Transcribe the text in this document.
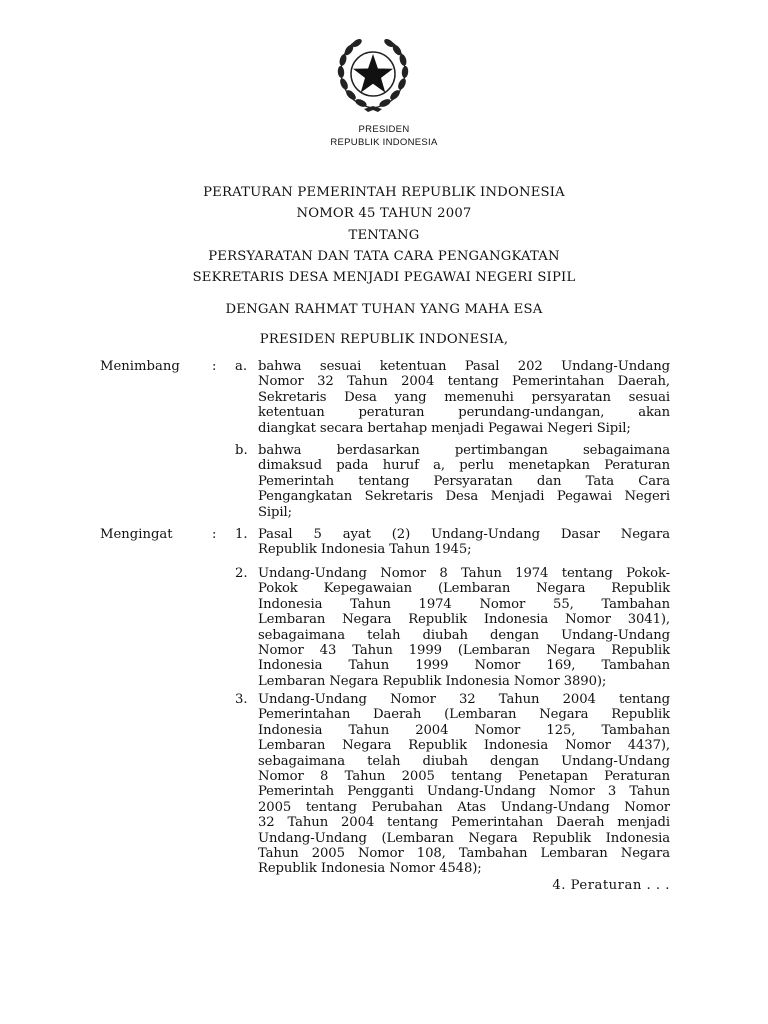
PRESIDEN
REPUBLIK INDONESIA
PERATURAN PEMERINTAH REPUBLIK INDONESIA
NOMOR 45 TAHUN 2007
TENTANG
PERSYARATAN DAN TATA CARA PENGANGKATAN
SEKRETARIS DESA MENJADI PEGAWAI NEGERI SIPIL
DENGAN RAHMAT TUHAN YANG MAHA ESA
PRESIDEN REPUBLIK INDONESIA,
Menimbang : a. bahwa sesuai ketentuan Pasal 202 Undang-Undang
Nomor 32 Tahun 2004 tentang Pemerintahan Daerah,
Sekretaris Desa yang memenuhi persyaratan sesuai
ketentuan peraturan perundang-undangan, akan
diangkat secara bertahap menjadi Pegawai Negeri Sipil;
b. bahwa berdasarkan pertimbangan sebagaimana
dimaksud pada huruf a, perlu menetapkan Peraturan
Pemerintah tentang Persyaratan dan Tata Cara
Pengangkatan Sekretaris Desa Menjadi Pegawai Negeri
Sipil;
Mengingat	: 1. Pasal 5 ayat (2) Undang-Undang Dasar Negara
Republik Indonesia Tahun 1945;
2. Undang-Undang Nomor 8 Tahun 1974 tentang Pokok-
Pokok Kepegawaian (Lembaran Negara Republik
Indonesia Tahun 1974 Nomor 55, Tambahan
Lembaran Negara Republik Indonesia Nomor 3041),
sebagaimana telah diubah dengan Undang-Undang
Nomor 43 Tahun 1999 (Lembaran Negara Republik
Indonesia Tahun 1999 Nomor 169, Tambahan
Lembaran Negara Republik Indonesia Nomor 3890);
3. Undang-Undang Nomor 32 Tahun 2004 tentang
Pemerintahan Daerah (Lembaran Negara Republik
Indonesia Tahun 2004 Nomor 125, Tambahan
Lembaran Negara Republik Indonesia Nomor 4437),
sebagaimana telah diubah dengan Undang-Undang
Nomor 8 Tahun 2005 tentang Penetapan Peraturan
Pemerintah Pengganti Undang-Undang Nomor 3 Tahun
2005 tentang Perubahan Atas Undang-Undang Nomor
32 Tahun 2004 tentang Pemerintahan Daerah menjadi
Undang-Undang (Lembaran Negara Republik Indonesia
Tahun 2005 Nomor 108, Tambahan Lembaran Negara
Republik Indonesia Nomor 4548);
4. Peraturan . . .
